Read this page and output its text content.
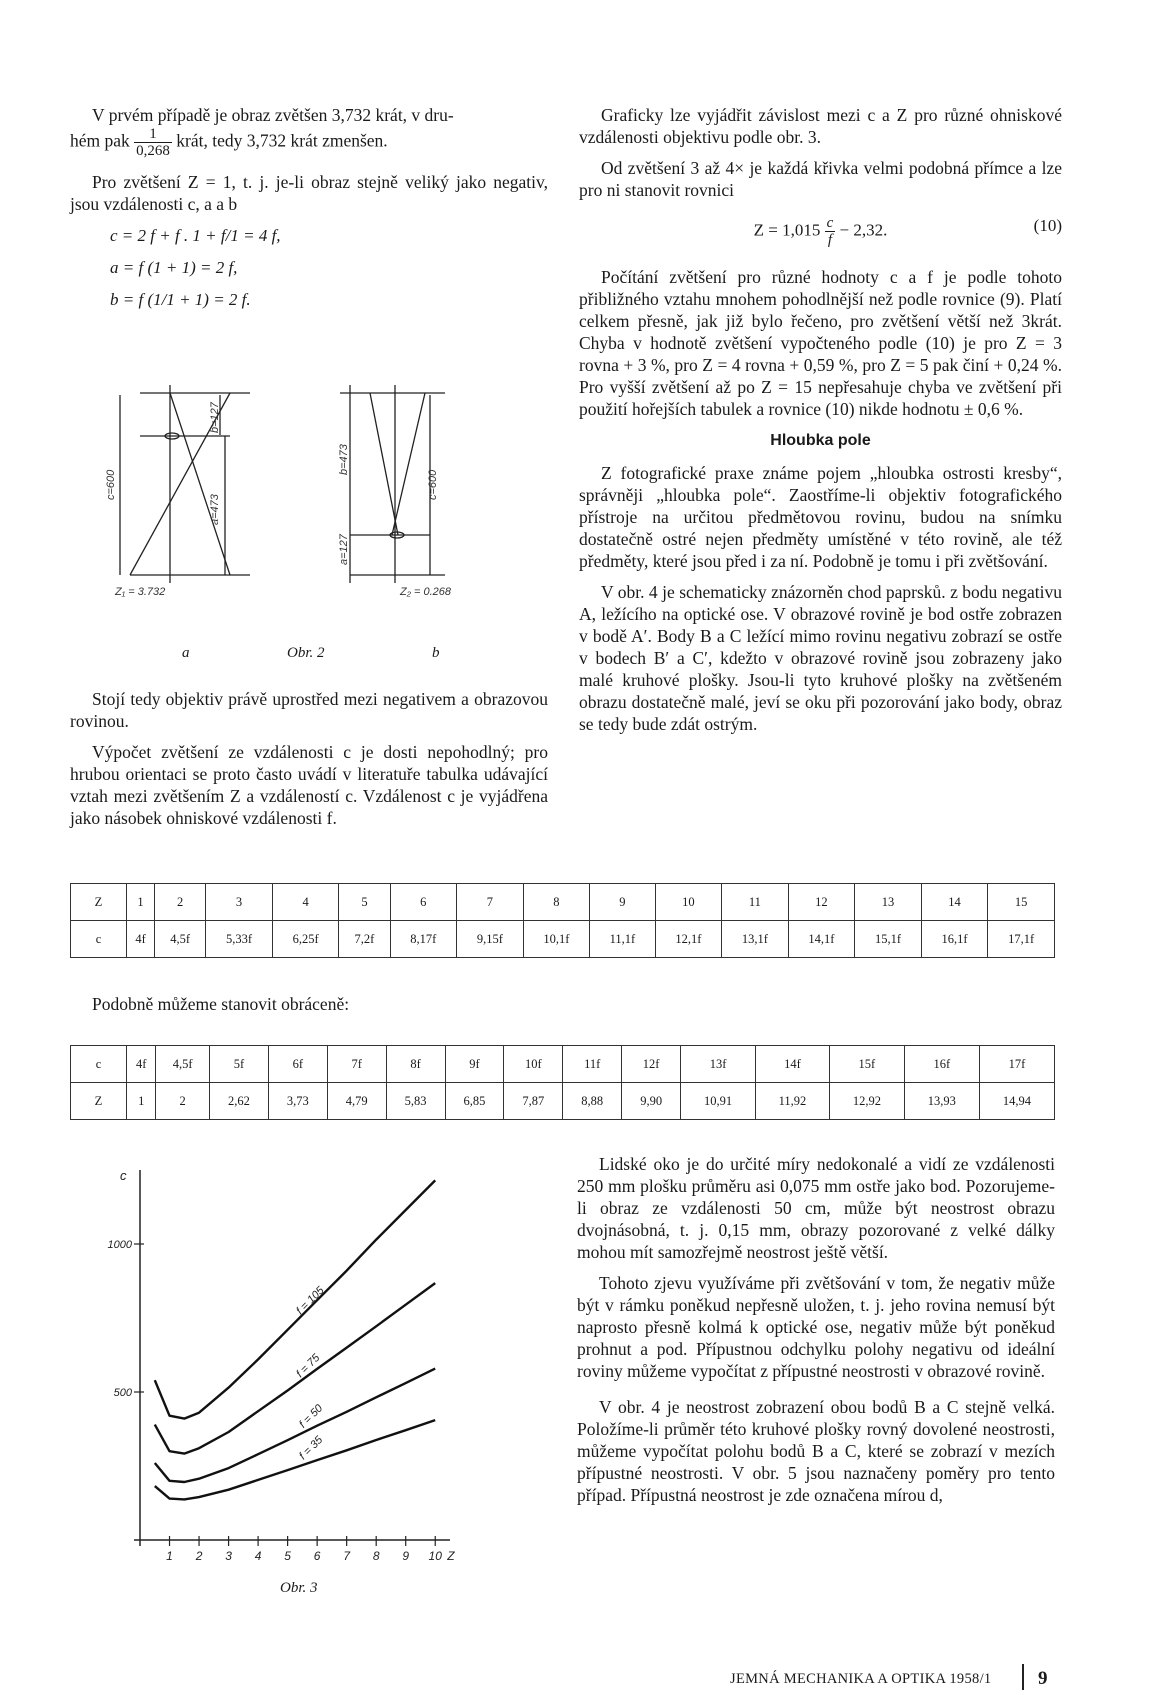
V prvém případě je obraz zvětšen 3,732 krát, v dru-

hém pak $\frac{1}{0,268}$ krát, tedy 3,732 krát zmenšen.

Pro zvětšení Z = 1, t. j. je-li obraz stejně veliký jako negativ, jsou vzdálenosti c, a a b

c = 2 f + f . 1 + f/1 = 4 f,
a = f (1 + 1) = 2 f,
b = f (1/1 + 1) = 2 f.
c=600
b=127
a=473
Z₁ = 3.732
b=473
c=600
a=127
Z₂ = 0.268
a	Obr. 2	b

Stojí tedy objektiv právě uprostřed mezi negativem a obrazovou rovinou.

Výpočet zvětšení ze vzdálenosti c je dosti nepohodlný; pro hrubou orientaci se proto často uvádí v literatuře tabulka udávající vztah mezi zvětšením Z a vzdáleností c. Vzdálenost c je vyjádřena jako násobek ohniskové vzdálenosti f.

Graficky lze vyjádřit závislost mezi c a Z pro různé ohniskové vzdálenosti objektivu podle obr. 3.

Od zvětšení 3 až 4× je každá křivka velmi podobná přímce a lze pro ni stanovit rovnici

$Z = 1,015 \frac{c}{f} - 2,32$.	(10)

Počítání zvětšení pro různé hodnoty c a f je podle tohoto přibližného vztahu mnohem pohodlnější než podle rovnice (9). Platí celkem přesně, jak již bylo řečeno, pro zvětšení větší než 3krát. Chyba v hodnotě zvětšení vypočteného podle (10) je pro Z = 3 rovna + 3 %, pro Z = 4 rovna + 0,59 %, pro Z = 5 pak činí + 0,24 %. Pro vyšší zvětšení až po Z = 15 nepřesahuje chyba ve zvětšení při použití hořejších tabulek a rovnice (10) nikde hodnotu ± 0,6 %.

Hloubka pole

Z fotografické praxe známe pojem „hloubka ostrosti kresby“, správněji „hloubka pole“. Zaostříme-li objektiv fotografického přístroje na určitou předmětovou rovinu, budou na snímku dostatečně ostré nejen předměty umístěné v této rovině, ale též předměty, které jsou před i za ní. Podobně je tomu i při zvětšování.

V obr. 4 je schematicky znázorněn chod paprsků. z bodu negativu A, ležícího na optické ose. V obrazové rovině je bod ostře zobrazen v bodě A′. Body B a C ležící mimo rovinu negativu zobrazí se ostře v bodech B′ a C′, kdežto v obrazové rovině jsou zobrazeny jako malé kruhové plošky. Jsou-li tyto kruhové plošky na zvětšeném obrazu dostatečně malé, jeví se oku při pozorování jako body, obraz se tedy bude zdát ostrým.

Z	1	2	3	4	5	6	7	8	9	10	11	12	13	14	15
c	4f	4,5f	5,33f	6,25f	7,2f	8,17f	9,15f	10,1f	11,1f	12,1f	13,1f	14,1f	15,1f	16,1f	17,1f
Podobně můžeme stanovit obráceně:
c	4f	4,5f	5f	6f	7f	8f	9f	10f	11f	12f	13f	14f	15f	16f	17f
Z	1	2	2,62	3,73	4,79	5,83	6,85	7,87	8,88	9,90	10,91	11,92	12,92	13,93	14,94
c
500
1000
1 2 3 4 5 6 7 8 9 10 Z
f = 105
f = 75
f = 50
f = 35
Obr. 3

Lidské oko je do určité míry nedokonalé a vidí ze vzdálenosti 250 mm plošku průměru asi 0,075 mm ostře jako bod. Pozorujeme-li obraz ze vzdálenosti 50 cm, může být neostrost obrazu dvojnásobná, t. j. 0,15 mm, obrazy pozorované z velké dálky mohou mít samozřejmě neostrost ještě větší.

Tohoto zjevu využíváme při zvětšování v tom, že negativ může být v rámku poněkud nepřesně uložen, t. j. jeho rovina nemusí být naprosto přesně kolmá k optické ose, negativ může být poněkud prohnut a pod. Přípustnou odchylku polohy negativu od ideální roviny můžeme vypočítat z přípustné neostrosti v obrazové rovině.

V obr. 4 je neostrost zobrazení obou bodů B a C stejně velká. Položíme-li průměr této kruhové plošky rovný dovolené neostrosti, můžeme vypočítat polohu bodů B a C, které se zobrazí v mezích přípustné neostrosti. V obr. 5 jsou naznačeny poměry pro tento případ. Přípustná neostrost je zde označena mírou d,

JEMNÁ MECHANIKA A OPTIKA 1958/1 9
